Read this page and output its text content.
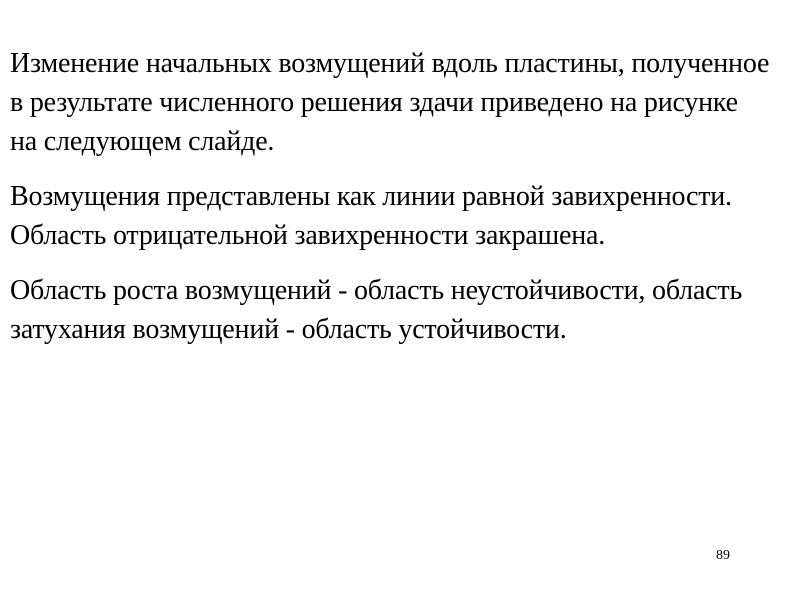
Изменение начальных возмущений вдоль пластины, полученное в результате численного решения здачи приведено на рисунке на следующем слайде.

Возмущения представлены как линии равной завихренности. Область отрицательной завихренности закрашена.

Область роста возмущений - область неустойчивости, область затухания возмущений - область устойчивости.

89
